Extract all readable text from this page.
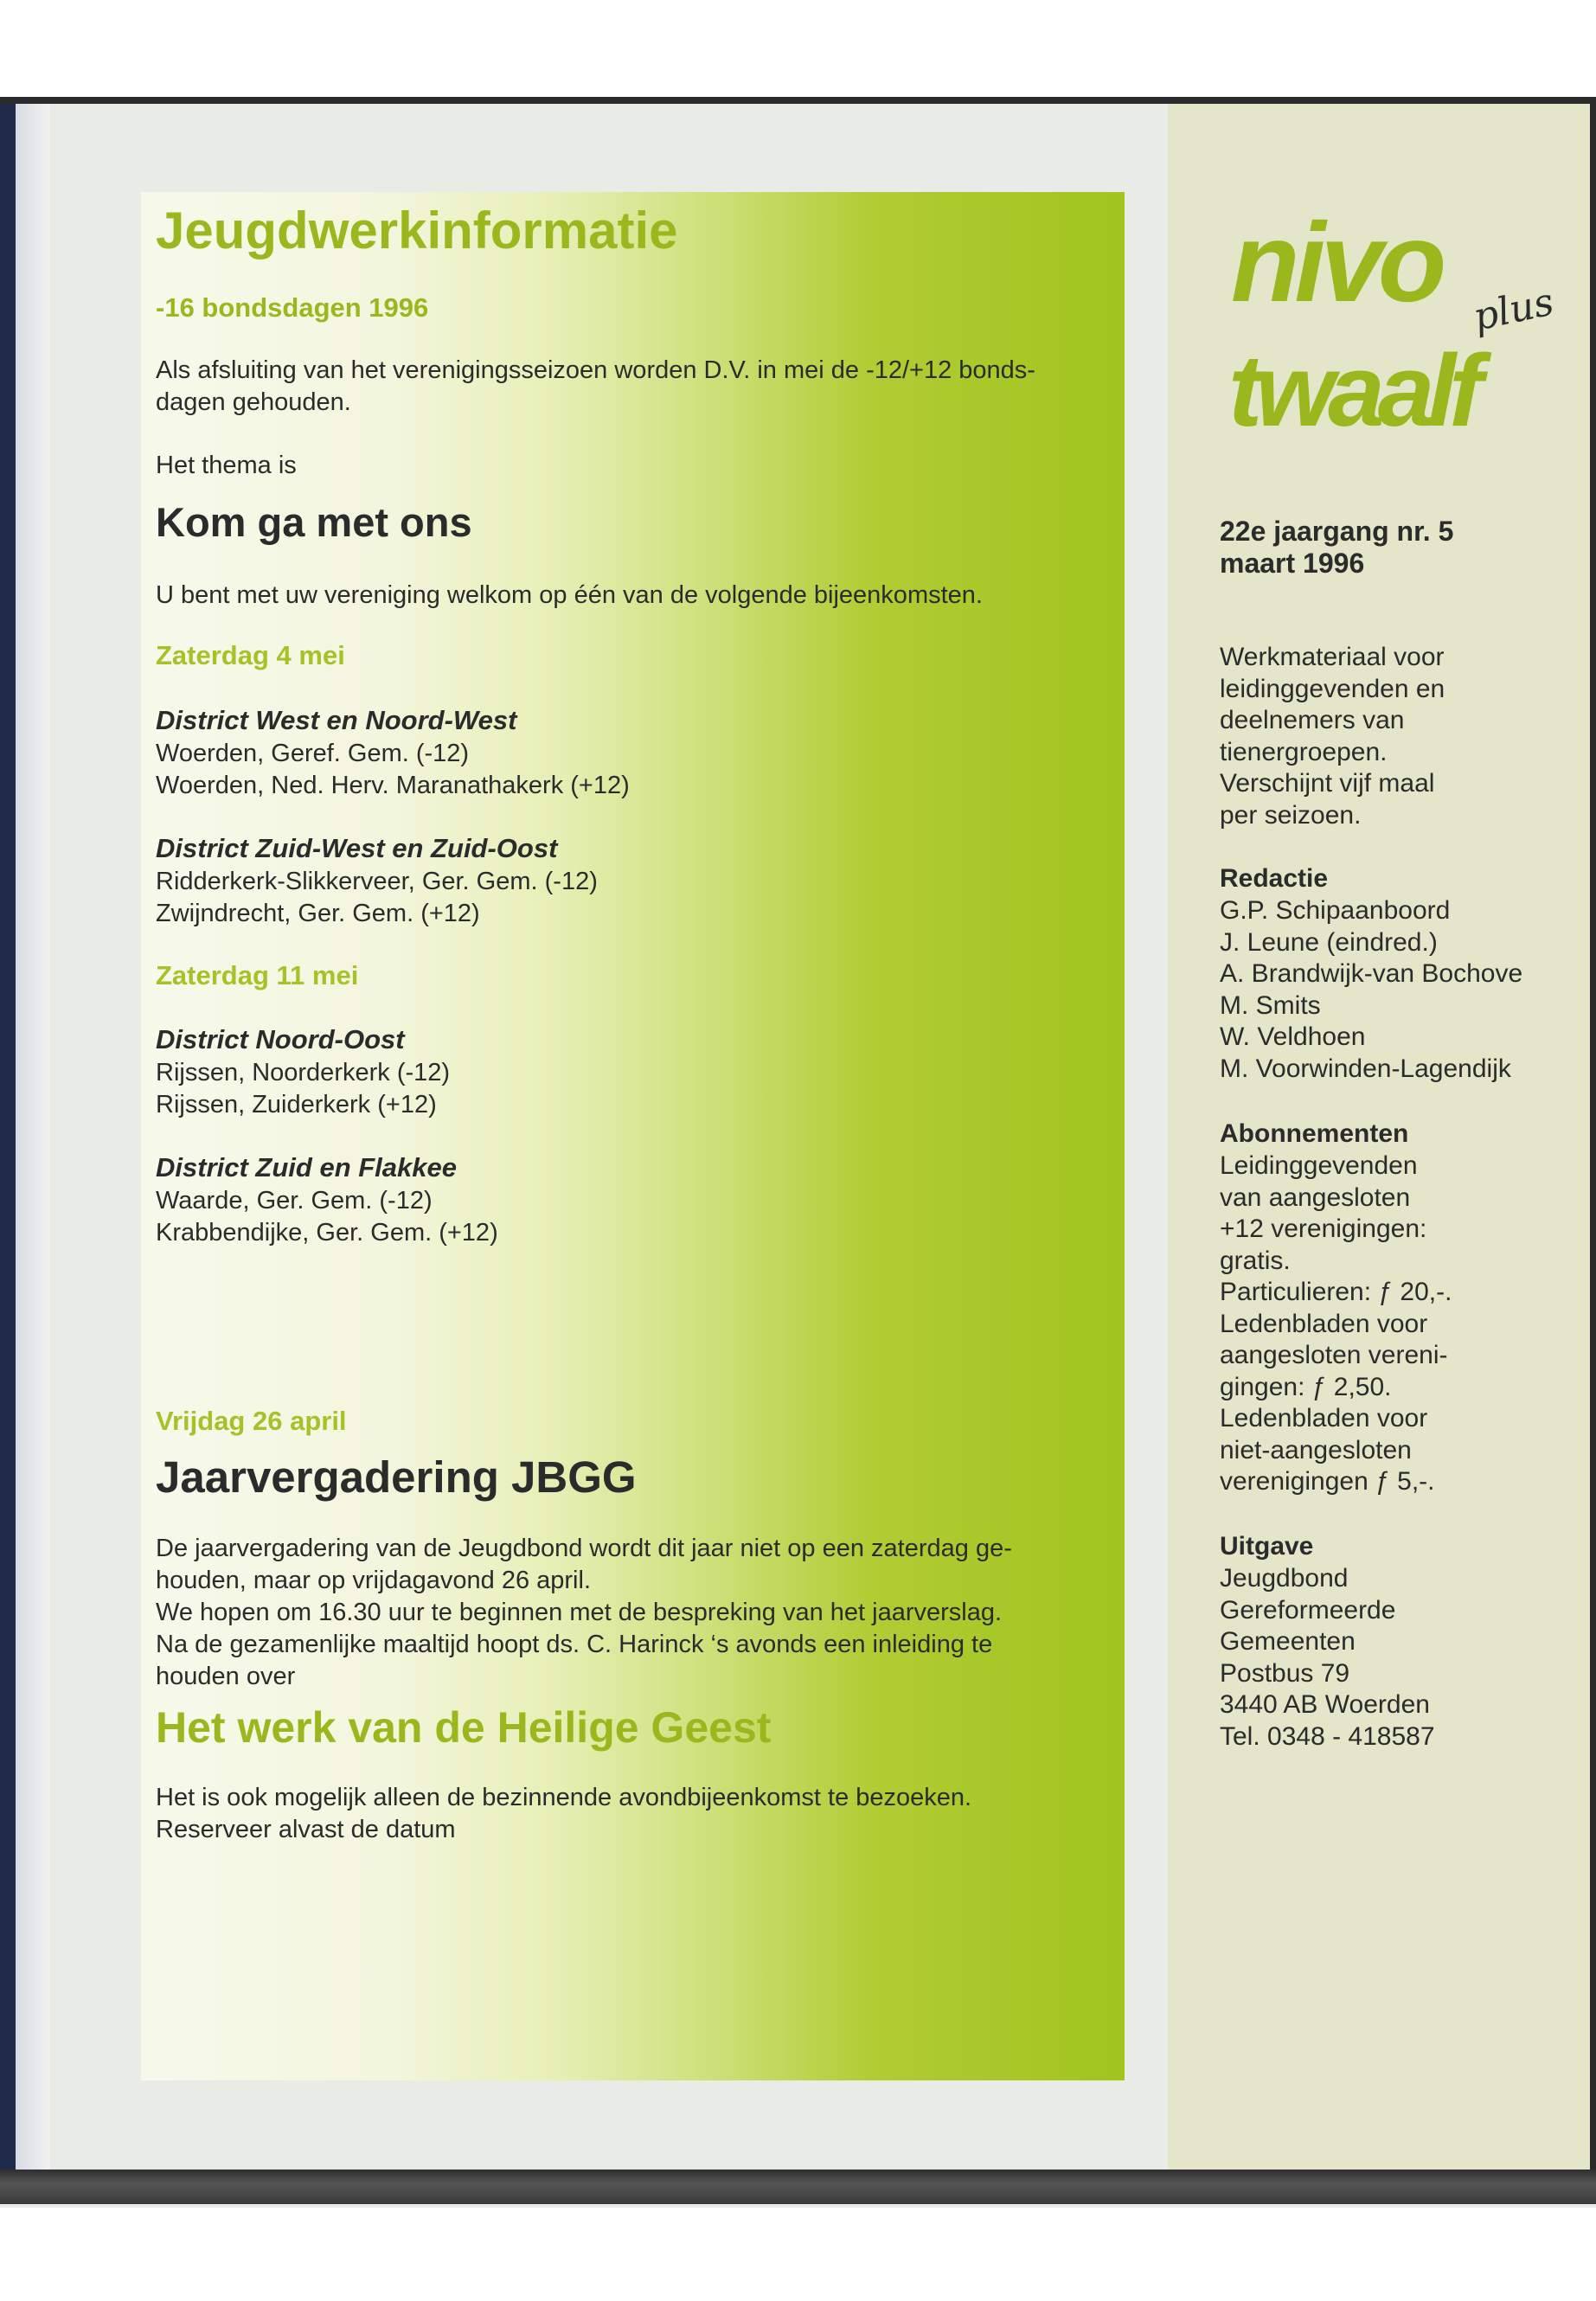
Jeugdwerkinformatie

-16 bondsdagen 1996

Als afsluiting van het verenigingsseizoen worden D.V. in mei de -12/+12 bonds-

dagen gehouden.

Het thema is

Kom ga met ons

U bent met uw vereniging welkom op één van de volgende bijeenkomsten.

Zaterdag 4 mei

District West en Noord-West

Woerden, Geref. Gem. (-12)

Woerden, Ned. Herv. Maranathakerk (+12)

District Zuid-West en Zuid-Oost

Ridderkerk-Slikkerveer, Ger. Gem. (-12)

Zwijndrecht, Ger. Gem. (+12)

Zaterdag 11 mei

District Noord-Oost

Rijssen, Noorderkerk (-12)

Rijssen, Zuiderkerk (+12)

District Zuid en Flakkee

Waarde, Ger. Gem. (-12)

Krabbendijke, Ger. Gem. (+12)

Vrijdag 26 april

Jaarvergadering JBGG

De jaarvergadering van de Jeugdbond wordt dit jaar niet op een zaterdag ge-

houden, maar op vrijdagavond 26 april.

We hopen om 16.30 uur te beginnen met de bespreking van het jaarverslag.

Na de gezamenlijke maaltijd hoopt ds. C. Harinck ‘s avonds een inleiding te

houden over

Het werk van de Heilige Geest

Het is ook mogelijk alleen de bezinnende avondbijeenkomst te bezoeken.

Reserveer alvast de datum

nivo
twaalf
plus

22e jaargang nr. 5

maart 1996

Werkmateriaal voor

leidinggevenden en

deelnemers van

tienergroepen.

Verschijnt vijf maal

per seizoen.

Redactie

G.P. Schipaanboord

J. Leune (eindred.)

A. Brandwijk-van Bochove

M. Smits

W. Veldhoen

M. Voorwinden-Lagendijk

Abonnementen

Leidinggevenden

van aangesloten

+12 verenigingen:

gratis.

Particulieren: ƒ 20,-.

Ledenbladen voor

aangesloten vereni-

gingen: ƒ 2,50.

Ledenbladen voor

niet-aangesloten

verenigingen ƒ 5,-.

Uitgave

Jeugdbond

Gereformeerde

Gemeenten

Postbus 79

3440 AB Woerden

Tel. 0348 - 418587
